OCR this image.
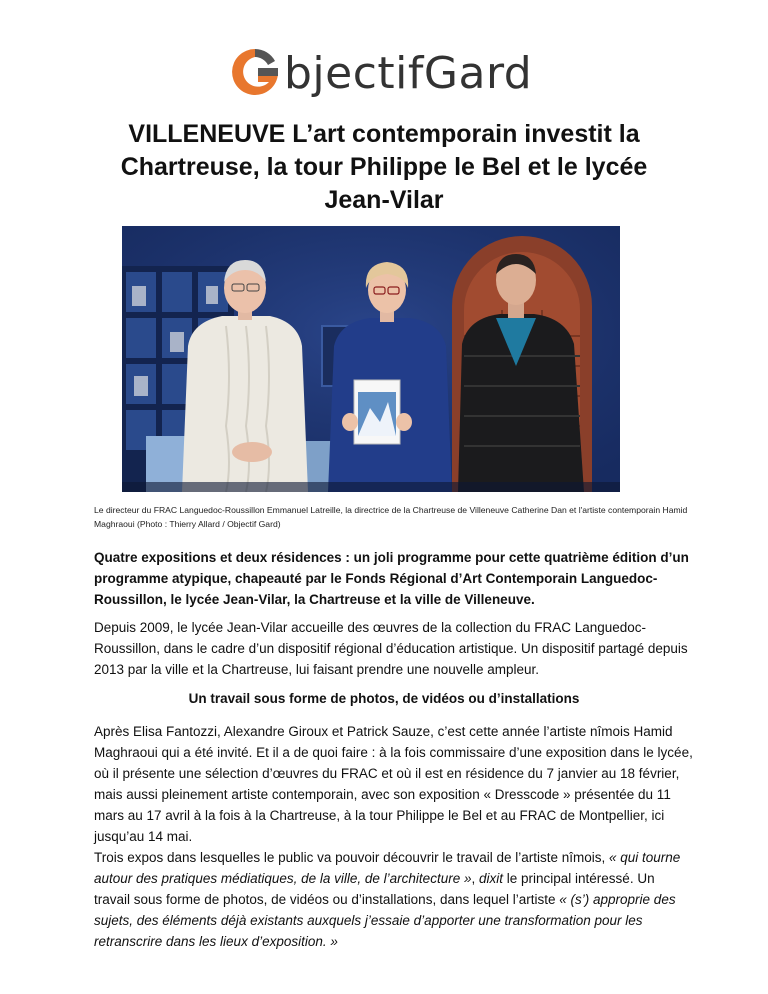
bjectifGard
VILLENEUVE L’art contemporain investit la Chartreuse, la tour Philippe le Bel et le lycée Jean-Vilar
Le directeur du FRAC Languedoc-Roussillon Emmanuel Latreille, la directrice de la Chartreuse de Villeneuve Catherine Dan et l'artiste contemporain Hamid Maghraoui (Photo : Thierry Allard / Objectif Gard)

Quatre expositions et deux résidences : un joli programme pour cette quatrième édition d’un programme atypique, chapeauté par le Fonds Régional d’Art Contemporain Languedoc-Roussillon, le lycée Jean-Vilar, la Chartreuse et la ville de Villeneuve.

Depuis 2009, le lycée Jean-Vilar accueille des œuvres de la collection du FRAC Languedoc-Roussillon, dans le cadre d’un dispositif régional d’éducation artistique. Un dispositif partagé depuis 2013 par la ville et la Chartreuse, lui faisant prendre une nouvelle ampleur.

Un travail sous forme de photos, de vidéos ou d’installations

Après Elisa Fantozzi, Alexandre Giroux et Patrick Sauze, c’est cette année l’artiste nîmois Hamid Maghraoui qui a été invité. Et il a de quoi faire : à la fois commissaire d’une exposition dans le lycée, où il présente une sélection d’œuvres du FRAC et où il est en résidence du 7 janvier au 18 février, mais aussi pleinement artiste contemporain, avec son exposition « Dresscode » présentée du 11 mars au 17 avril à la fois à la Chartreuse, à la tour Philippe le Bel et au FRAC de Montpellier, ici jusqu’au 14 mai.

Trois expos dans lesquelles le public va pouvoir découvrir le travail de l’artiste nîmois, « qui tourne autour des pratiques médiatiques, de la ville, de l’architecture », dixit le principal intéressé. Un travail sous forme de photos, de vidéos ou d’installations, dans lequel l’artiste « (s’) approprie des sujets, des éléments déjà existants auxquels j’essaie d’apporter une transformation pour les retranscrire dans les lieux d’exposition. »
